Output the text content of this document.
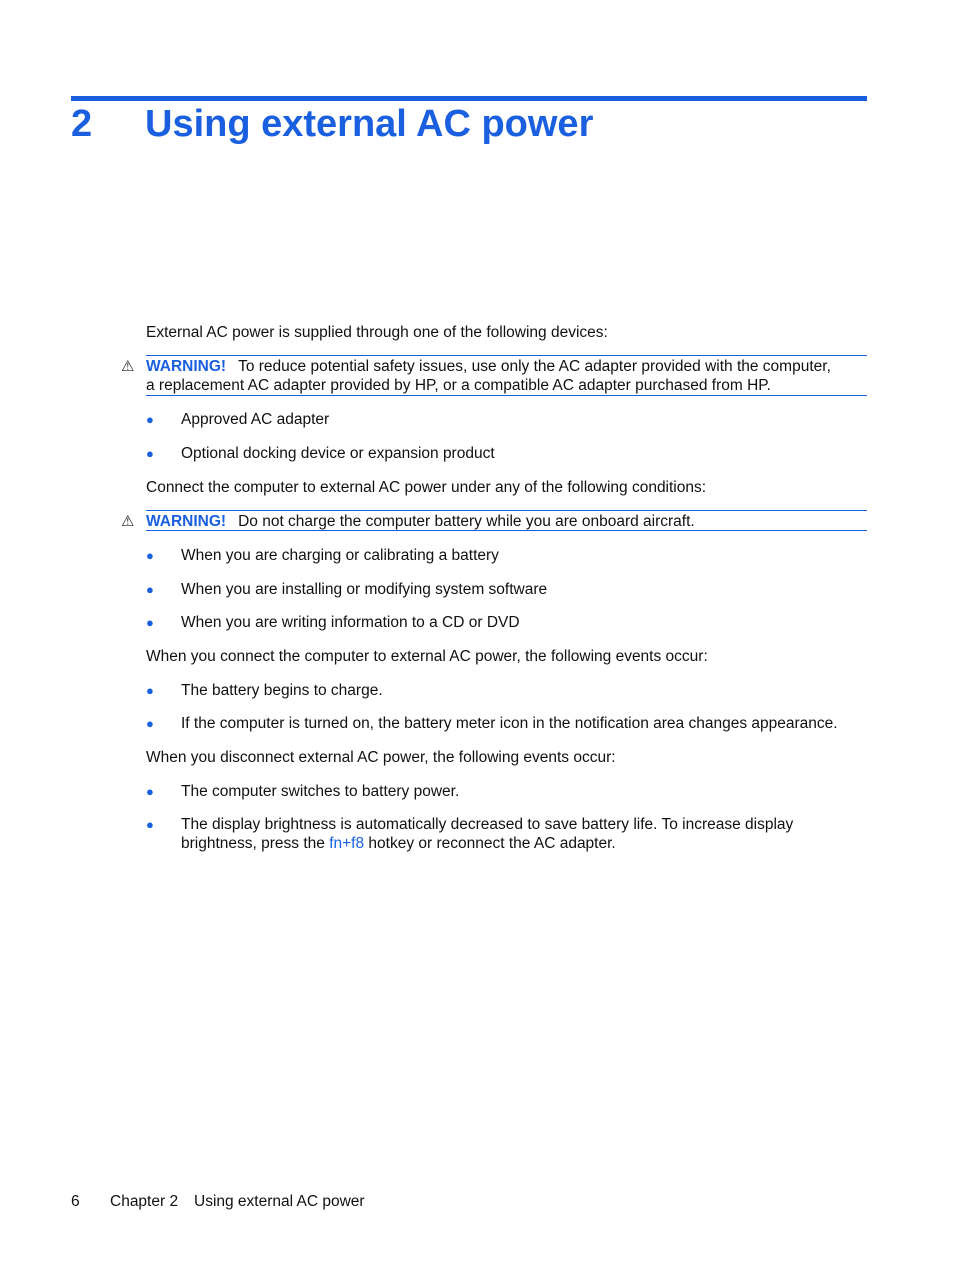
2 Using external AC power
External AC power is supplied through one of the following devices:
⚠ WARNING! To reduce potential safety issues, use only the AC adapter provided with the computer,
a replacement AC adapter provided by HP, or a compatible AC adapter purchased from HP.
● Approved AC adapter
● Optional docking device or expansion product
Connect the computer to external AC power under any of the following conditions:
⚠ WARNING! Do not charge the computer battery while you are onboard aircraft.
● When you are charging or calibrating a battery
● When you are installing or modifying system software
● When you are writing information to a CD or DVD
When you connect the computer to external AC power, the following events occur:
● The battery begins to charge.
● If the computer is turned on, the battery meter icon in the notification area changes appearance.
When you disconnect external AC power, the following events occur:
● The computer switches to battery power.
● The display brightness is automatically decreased to save battery life. To increase display
brightness, press the fn+f8 hotkey or reconnect the AC adapter.
6 Chapter 2 Using external AC power
